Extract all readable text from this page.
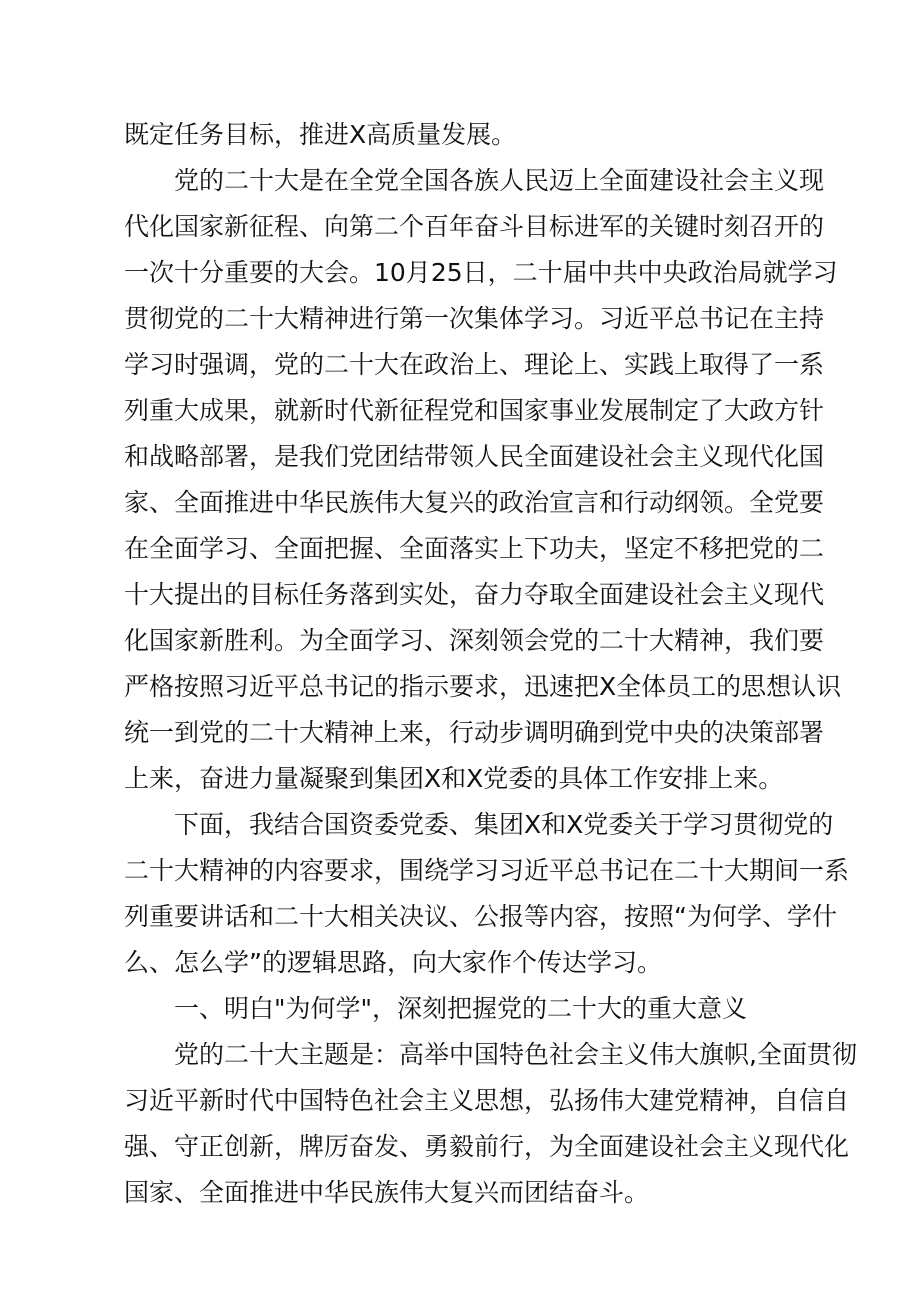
既定任务目标，推进X高质量发展。
党的二十大是在全党全国各族人民迈上全面建设社会主义现
代化国家新征程、向第二个百年奋斗目标进军的关键时刻召开的
一次十分重要的大会。10月25日，二十届中共中央政治局就学习
贯彻党的二十大精神进行第一次集体学习。习近平总书记在主持
学习时强调，党的二十大在政治上、理论上、实践上取得了一系
列重大成果，就新时代新征程党和国家事业发展制定了大政方针
和战略部署，是我们党团结带领人民全面建设社会主义现代化国
家、全面推进中华民族伟大复兴的政治宣言和行动纲领。全党要
在全面学习、全面把握、全面落实上下功夫，坚定不移把党的二
十大提出的目标任务落到实处，奋力夺取全面建设社会主义现代
化国家新胜利。为全面学习、深刻领会党的二十大精神，我们要
严格按照习近平总书记的指示要求，迅速把X全体员工的思想认识
统一到党的二十大精神上来，行动步调明确到党中央的决策部署
上来，奋进力量凝聚到集团X和X党委的具体工作安排上来。
下面，我结合国资委党委、集团X和X党委关于学习贯彻党的
二十大精神的内容要求，围绕学习习近平总书记在二十大期间一系
列重要讲话和二十大相关决议、公报等内容，按照“为何学、学什
么、怎么学”的逻辑思路，向大家作个传达学习。
一、明白"为何学"，深刻把握党的二十大的重大意义
党的二十大主题是：高举中国特色社会主义伟大旗帜,全面贯彻
习近平新时代中国特色社会主义思想，弘扬伟大建党精神，自信自
强、守正创新，牌厉奋发、勇毅前行，为全面建设社会主义现代化
国家、全面推进中华民族伟大复兴而团结奋斗。
